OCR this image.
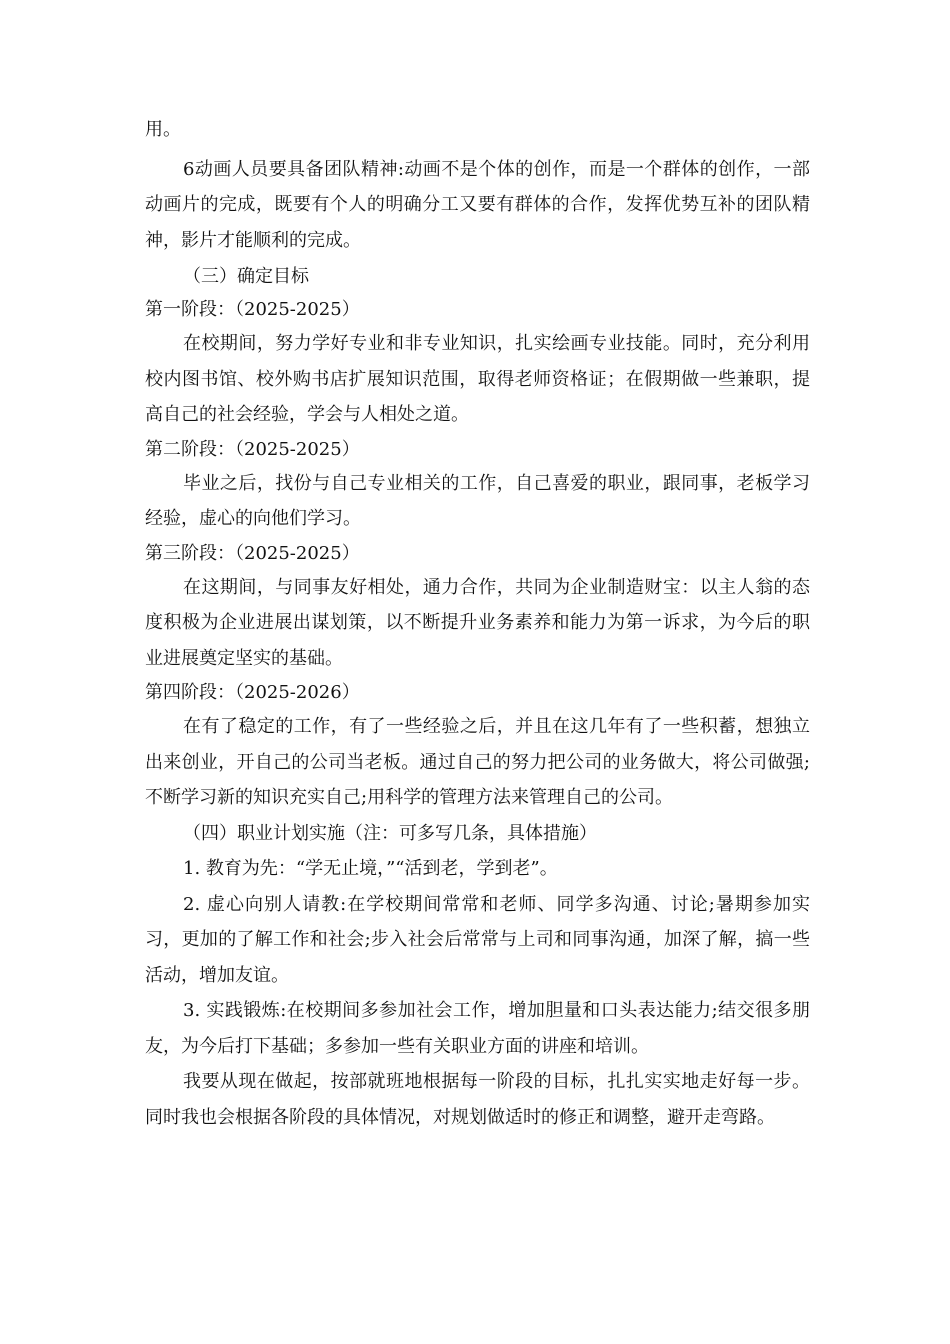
用。

6动画人员要具备团队精神:动画不是个体的创作，而是一个群体的创作，一部动画片的完成，既要有个人的明确分工又要有群体的合作，发挥优势互补的团队精神，影片才能顺利的完成。

（三）确定目标

第一阶段：（2025-2025）

在校期间，努力学好专业和非专业知识，扎实绘画专业技能。同时，充分利用校内图书馆、校外购书店扩展知识范围，取得老师资格证；在假期做一些兼职，提高自己的社会经验，学会与人相处之道。

第二阶段：（2025-2025）

毕业之后，找份与自己专业相关的工作，自己喜爱的职业，跟同事，老板学习经验，虚心的向他们学习。

第三阶段：（2025-2025）

在这期间，与同事友好相处，通力合作，共同为企业制造财宝：以主人翁的态度积极为企业进展出谋划策，以不断提升业务素养和能力为第一诉求，为今后的职业进展奠定坚实的基础。

第四阶段：（2025-2026）

在有了稳定的工作，有了一些经验之后，并且在这几年有了一些积蓄，想独立出来创业，开自己的公司当老板。通过自己的努力把公司的业务做大，将公司做强;不断学习新的知识充实自己;用科学的管理方法来管理自己的公司。

（四）职业计划实施（注：可多写几条，具体措施）

1. 教育为先：“学无止境，”“活到老，学到老”。

2. 虚心向别人请教:在学校期间常常和老师、同学多沟通、讨论;暑期参加实习，更加的了解工作和社会;步入社会后常常与上司和同事沟通，加深了解，搞一些活动，增加友谊。

3. 实践锻炼:在校期间多参加社会工作，增加胆量和口头表达能力;结交很多朋友，为今后打下基础；多参加一些有关职业方面的讲座和培训。

我要从现在做起，按部就班地根据每一阶段的目标，扎扎实实地走好每一步。同时我也会根据各阶段的具体情况，对规划做适时的修正和调整，避开走弯路。
